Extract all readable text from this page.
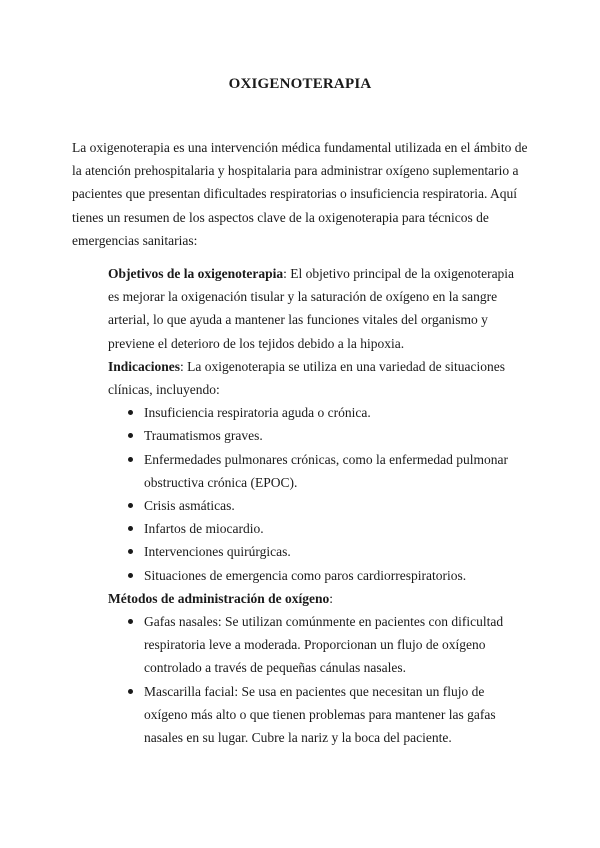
OXIGENOTERAPIA

La oxigenoterapia es una intervención médica fundamental utilizada en el ámbito de la atención prehospitalaria y hospitalaria para administrar oxígeno suplementario a pacientes que presentan dificultades respiratorias o insuficiencia respiratoria. Aquí tienes un resumen de los aspectos clave de la oxigenoterapia para técnicos de emergencias sanitarias:

Objetivos de la oxigenoterapia: El objetivo principal de la oxigenoterapia es mejorar la oxigenación tisular y la saturación de oxígeno en la sangre arterial, lo que ayuda a mantener las funciones vitales del organismo y previene el deterioro de los tejidos debido a la hipoxia.

Indicaciones: La oxigenoterapia se utiliza en una variedad de situaciones clínicas, incluyendo:

Insuficiencia respiratoria aguda o crónica.
Traumatismos graves.
Enfermedades pulmonares crónicas, como la enfermedad pulmonar obstructiva crónica (EPOC).
Crisis asmáticas.
Infartos de miocardio.
Intervenciones quirúrgicas.
Situaciones de emergencia como paros cardiorrespiratorios.

Métodos de administración de oxígeno:

Gafas nasales: Se utilizan comúnmente en pacientes con dificultad respiratoria leve a moderada. Proporcionan un flujo de oxígeno controlado a través de pequeñas cánulas nasales.
Mascarilla facial: Se usa en pacientes que necesitan un flujo de oxígeno más alto o que tienen problemas para mantener las gafas nasales en su lugar. Cubre la nariz y la boca del paciente.
